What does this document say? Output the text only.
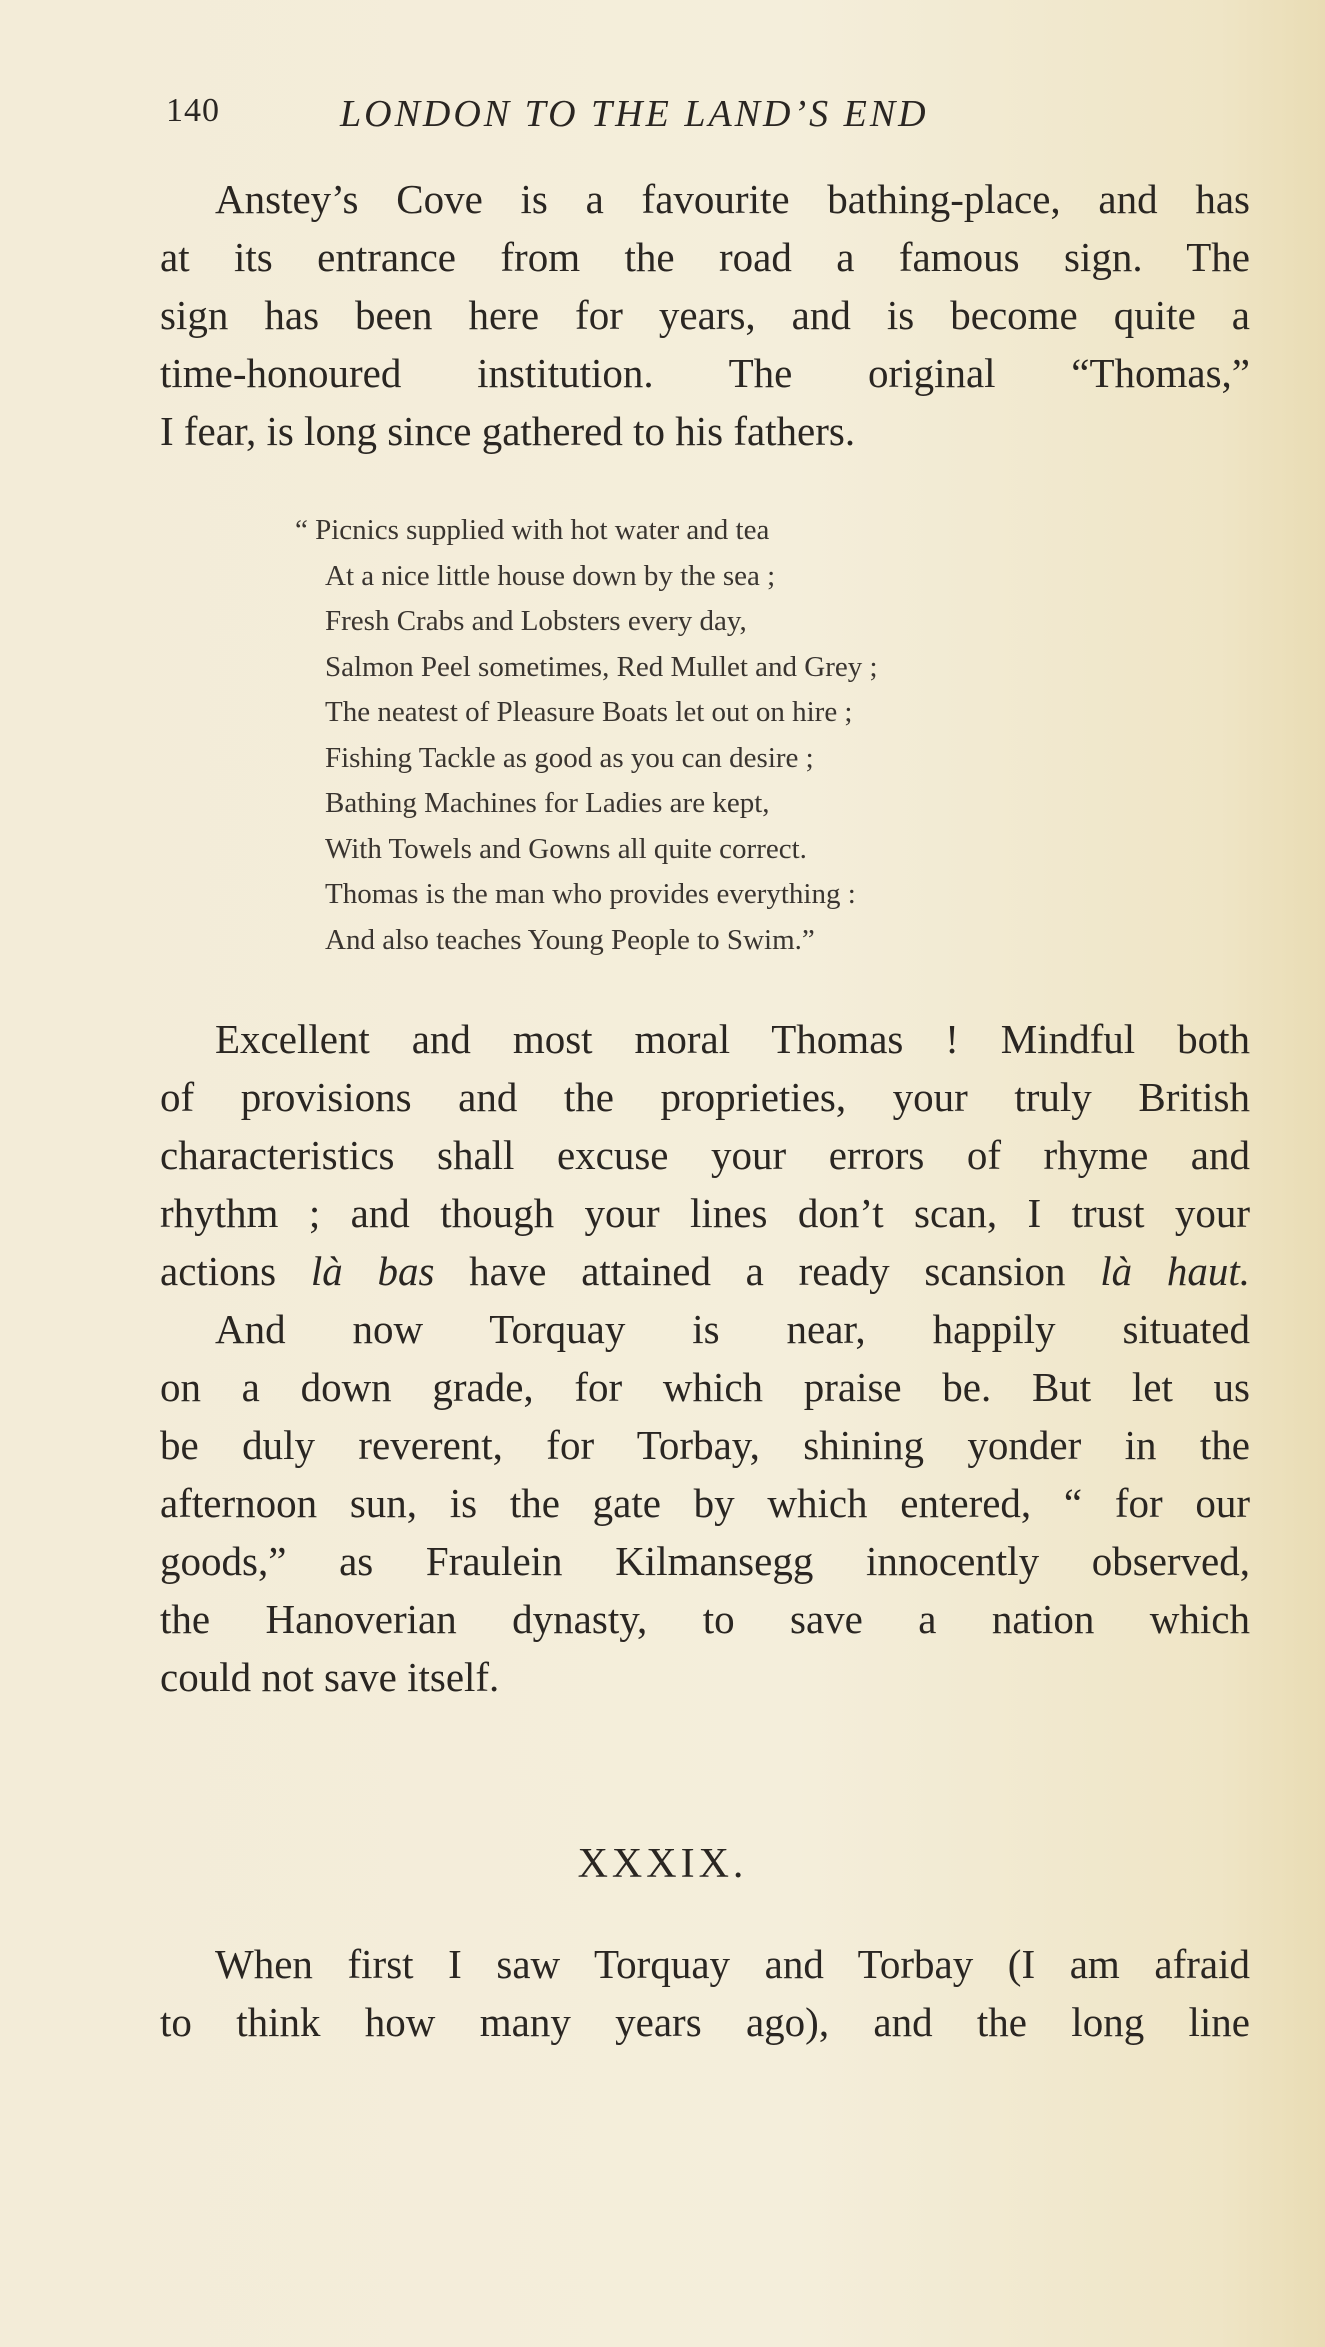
140	LONDON TO THE LAND’S END
Anstey’s Cove is a favourite bathing-place, and has
at its entrance from the road a famous sign. The
sign has been here for years, and is become quite a
time-honoured institution. The original “Thomas,”
I fear, is long since gathered to his fathers.
“ Picnics supplied with hot water and tea
At a nice little house down by the sea ;
Fresh Crabs and Lobsters every day,
Salmon Peel sometimes, Red Mullet and Grey ;
The neatest of Pleasure Boats let out on hire ;
Fishing Tackle as good as you can desire ;
Bathing Machines for Ladies are kept,
With Towels and Gowns all quite correct.
Thomas is the man who provides everything :
And also teaches Young People to Swim.”
Excellent and most moral Thomas ! Mindful both
of provisions and the proprieties, your truly British
characteristics shall excuse your errors of rhyme and
rhythm ; and though your lines don’t scan, I trust your
actions là bas have attained a ready scansion là haut.
And now Torquay is near, happily situated
on a down grade, for which praise be. But let us
be duly reverent, for Torbay, shining yonder in the
afternoon sun, is the gate by which entered, “ for our
goods,” as Fraulein Kilmansegg innocently observed,
the Hanoverian dynasty, to save a nation which
could not save itself.
XXXIX.
When first I saw Torquay and Torbay (I am afraid
to think how many years ago), and the long line
